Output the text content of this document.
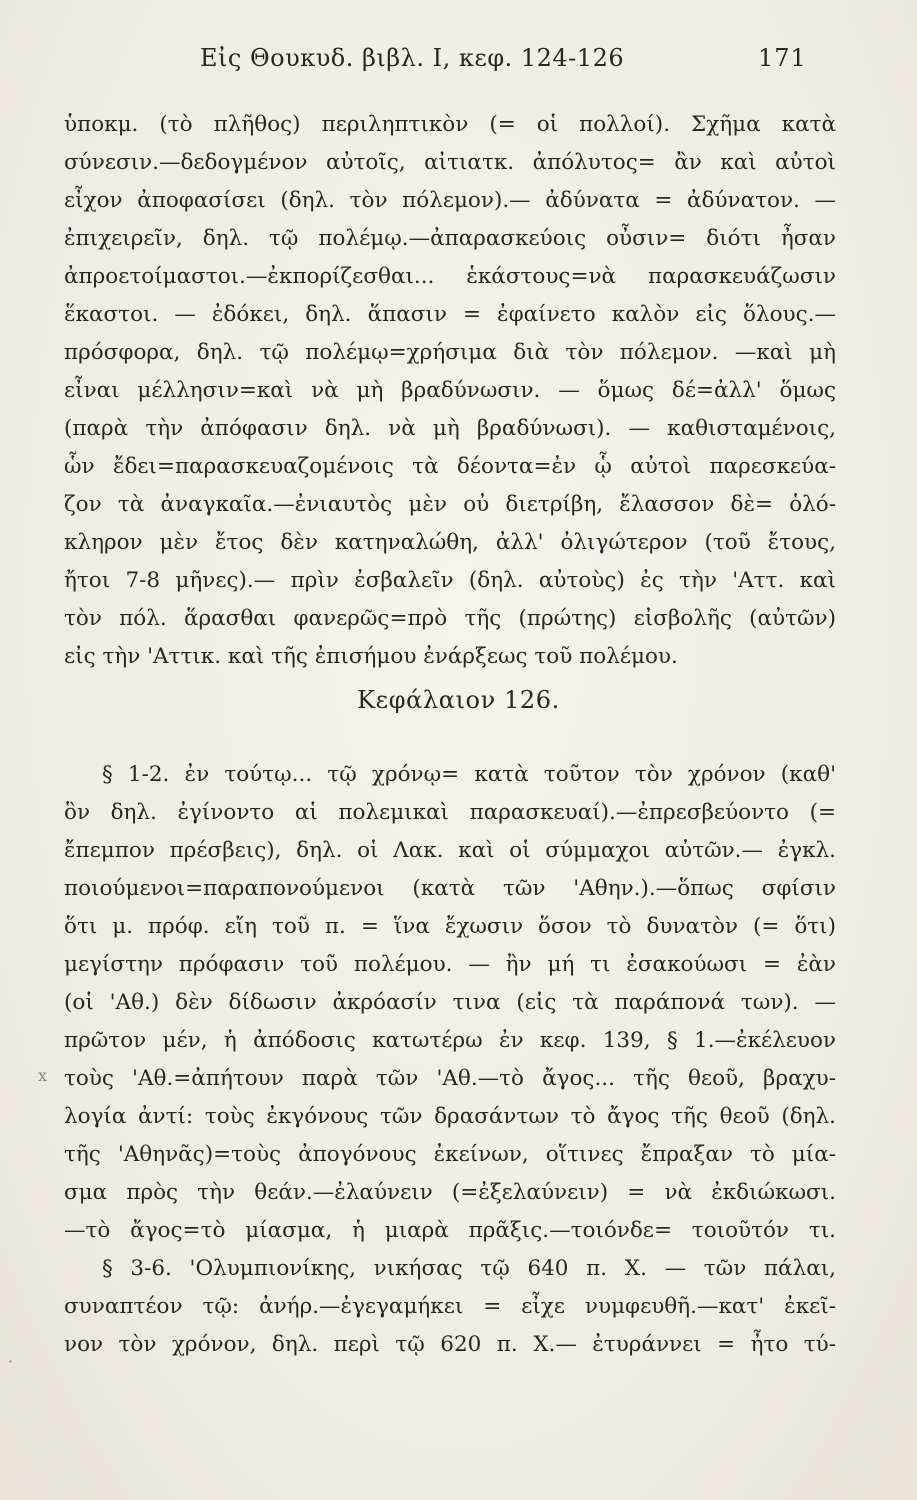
Εἰς Θουκυδ. βιβλ. I, κεφ. 124-126	171
ὑποκμ. (τὸ πλῆθος) περιληπτικὸν (= οἱ πολλοί). Σχῆμα κατὰ
σύνεσιν.—δεδογμένον αὐτοῖς, αἰτιατκ. ἀπόλυτος= ἂν καὶ αὐτοὶ
εἶχον ἀποφασίσει (δηλ. τὸν πόλεμον).— ἀδύνατα = ἀδύνατον. —
ἐπιχειρεῖν, δηλ. τῷ πολέμῳ.—ἀπαρασκεύοις οὖσιν= διότι ἦσαν
ἀπροετοίμαστοι.—ἐκπορίζεσθαι... ἑκάστους=νὰ παρασκευάζωσιν
ἕκαστοι. — ἐδόκει, δηλ. ἅπασιν = ἐφαίνετο καλὸν εἰς ὅλους.—
πρόσφορα, δηλ. τῷ πολέμῳ=χρήσιμα διὰ τὸν πόλεμον. —καὶ μὴ
εἶναι μέλλησιν=καὶ νὰ μὴ βραδύνωσιν. — ὅμως δέ=ἀλλ' ὅμως
(παρὰ τὴν ἀπόφασιν δηλ. νὰ μὴ βραδύνωσι). — καθισταμένοις,
ὧν ἔδει=παρασκευαζομένοις τὰ δέοντα=ἐν ᾧ αὐτοὶ παρεσκεύα-
ζον τὰ ἀναγκαῖα.—ἐνιαυτὸς μὲν οὐ διετρίβη, ἔλασσον δὲ= ὁλό-
κληρον μὲν ἔτος δὲν κατηναλώθη, ἀλλ' ὀλιγώτερον (τοῦ ἔτους,
ἤτοι 7-8 μῆνες).— πρὶν ἐσβαλεῖν (δηλ. αὐτοὺς) ἐς τὴν 'Αττ. καὶ
τὸν πόλ. ἅρασθαι φανερῶς=πρὸ τῆς (πρώτης) εἰσβολῆς (αὐτῶν)
εἰς τὴν 'Αττικ. καὶ τῆς ἐπισήμου ἐνάρξεως τοῦ πολέμου.
Κεφάλαιον 126.
§ 1-2. ἐν τούτῳ... τῷ χρόνῳ= κατὰ τοῦτον τὸν χρόνον (καθ'
ὃν δηλ. ἐγίνοντο αἱ πολεμικαὶ παρασκευαί).—ἐπρεσβεύοντο (=
ἔπεμπον πρέσβεις), δηλ. οἱ Λακ. καὶ οἱ σύμμαχοι αὐτῶν.— ἐγκλ.
ποιούμενοι=παραπονούμενοι (κατὰ τῶν 'Αθην.).—ὅπως σφίσιν
ὅτι μ. πρόφ. εἴη τοῦ π. = ἵνα ἔχωσιν ὅσον τὸ δυνατὸν (= ὅτι)
μεγίστην πρόφασιν τοῦ πολέμου. — ἢν μή τι ἐσακούωσι = ἐὰν
(οἱ 'Αθ.) δὲν δίδωσιν ἀκρόασίν τινα (εἰς τὰ παράπονά των). —
πρῶτον μέν, ἡ ἀπόδοσις κατωτέρω ἐν κεφ. 139, § 1.—ἐκέλευον
τοὺς 'Αθ.=ἀπήτουν παρὰ τῶν 'Αθ.—τὸ ἄγος... τῆς θεοῦ, βραχυ-
λογία ἀντί: τοὺς ἐκγόνους τῶν δρασάντων τὸ ἄγος τῆς θεοῦ (δηλ.
τῆς 'Αθηνᾶς)=τοὺς ἀπογόνους ἐκείνων, οἵτινες ἔπραξαν τὸ μία-
σμα πρὸς τὴν θεάν.—ἐλαύνειν (=ἐξελαύνειν) = νὰ ἐκδιώκωσι.
—τὸ ἄγος=τὸ μίασμα, ἡ μιαρὰ πρᾶξις.—τοιόνδε= τοιοῦτόν τι.
§ 3-6. 'Ολυμπιονίκης, νικήσας τῷ 640 π. Χ. — τῶν πάλαι,
συναπτέον τῷ: ἀνήρ.—ἐγεγαμήκει = εἶχε νυμφευθῆ.—κατ' ἐκεῖ-
νον τὸν χρόνον, δηλ. περὶ τῷ 620 π. Χ.— ἐτυράννει = ἦτο τύ-
x
·
